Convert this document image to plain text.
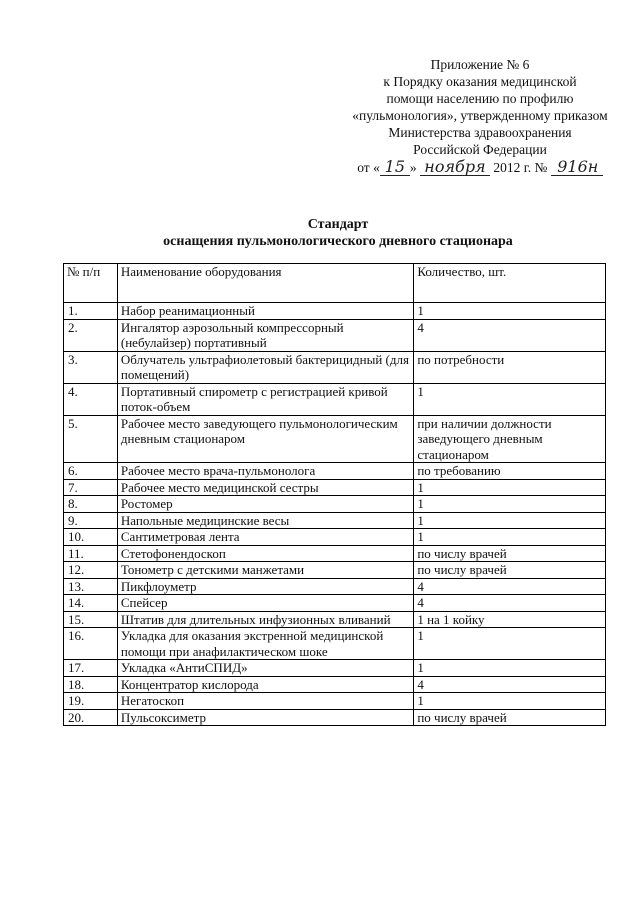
Приложение № 6
к Порядку оказания медицинской
помощи населению по профилю
«пульмонология», утвержденному приказом
Министерства здравоохранения
Российской Федерации
от « 15 » ноября 2012 г. № 916н
Стандарт
оснащения пульмонологического дневного стационара
№ п/п	Наименование оборудования	Количество, шт.
1.	Набор реанимационный	1
2.	Ингалятор аэрозольный компрессорный (небулайзер) портативный	4
3.	Облучатель ультрафиолетовый бактерицидный (для помещений)	по потребности
4.	Портативный спирометр с регистрацией кривой поток-объем	1
5.	Рабочее место заведующего пульмонологическим дневным стационаром	при наличии должности заведующего дневным стационаром
6.	Рабочее место врача-пульмонолога	по требованию
7.	Рабочее место медицинской сестры	1
8.	Ростомер	1
9.	Напольные медицинские весы	1
10.	Сантиметровая лента	1
11.	Стетофонендоскоп	по числу врачей
12.	Тонометр с детскими манжетами	по числу врачей
13.	Пикфлоуметр	4
14.	Спейсер	4
15.	Штатив для длительных инфузионных вливаний	1 на 1 койку
16.	Укладка для оказания экстренной медицинской помощи при анафилактическом шоке	1
17.	Укладка «АнтиСПИД»	1
18.	Концентратор кислорода	4
19.	Негатоскоп	1
20.	Пульсоксиметр	по числу врачей
